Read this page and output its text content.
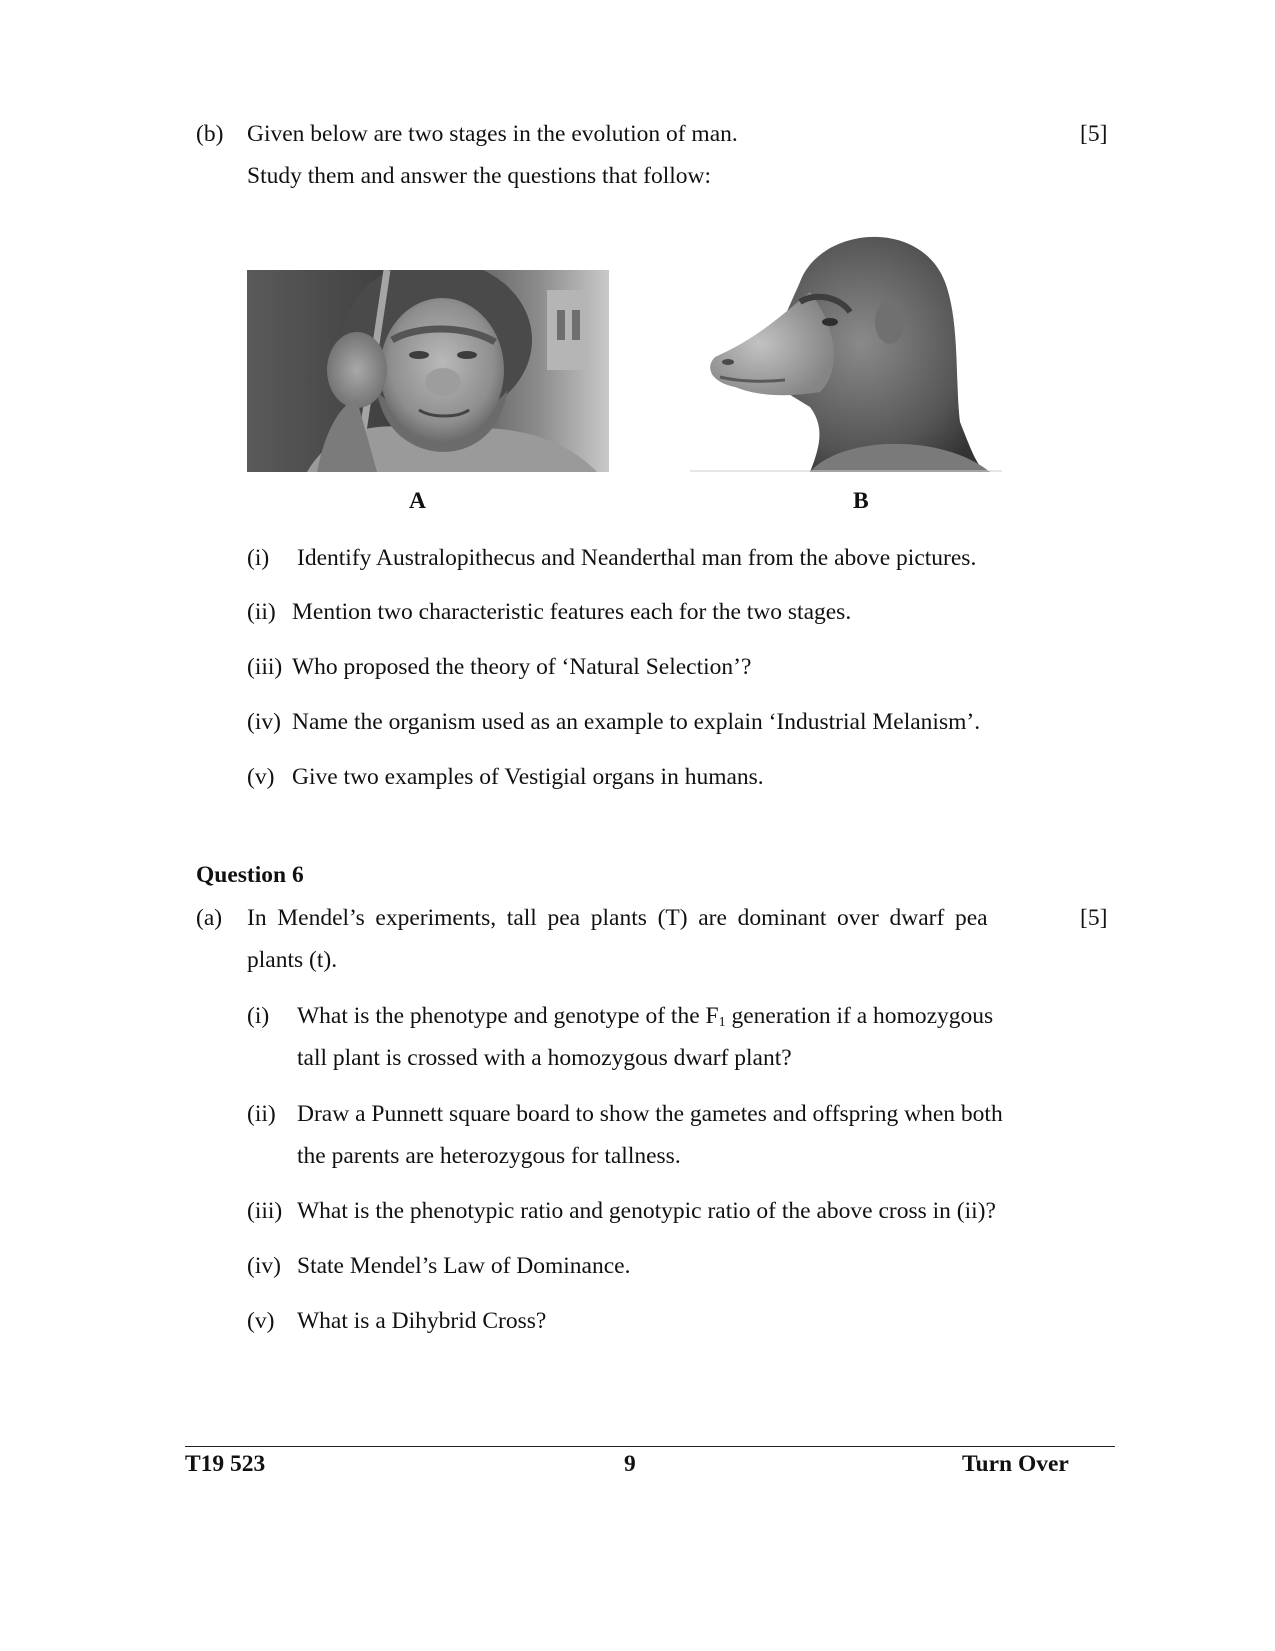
(b) Given below are two stages in the evolution of man.	[5]
Study them and answer the questions that follow:
A	B
(i) Identify Australopithecus and Neanderthal man from the above pictures.
(ii) Mention two characteristic features each for the two stages.
(iii) Who proposed the theory of ‘Natural Selection’?
(iv) Name the organism used as an example to explain ‘Industrial Melanism’.
(v) Give two examples of Vestigial organs in humans.
Question 6
(a) In Mendel’s experiments, tall pea plants (T) are dominant over dwarf pea	[5]
plants (t).
(i) What is the phenotype and genotype of the $F_1$ generation if a homozygous
tall plant is crossed with a homozygous dwarf plant?
(ii) Draw a Punnett square board to show the gametes and offspring when both
the parents are heterozygous for tallness.
(iii) What is the phenotypic ratio and genotypic ratio of the above cross in (ii)?
(iv) State Mendel’s Law of Dominance.
(v) What is a Dihybrid Cross?
T19 523	9	Turn Over
